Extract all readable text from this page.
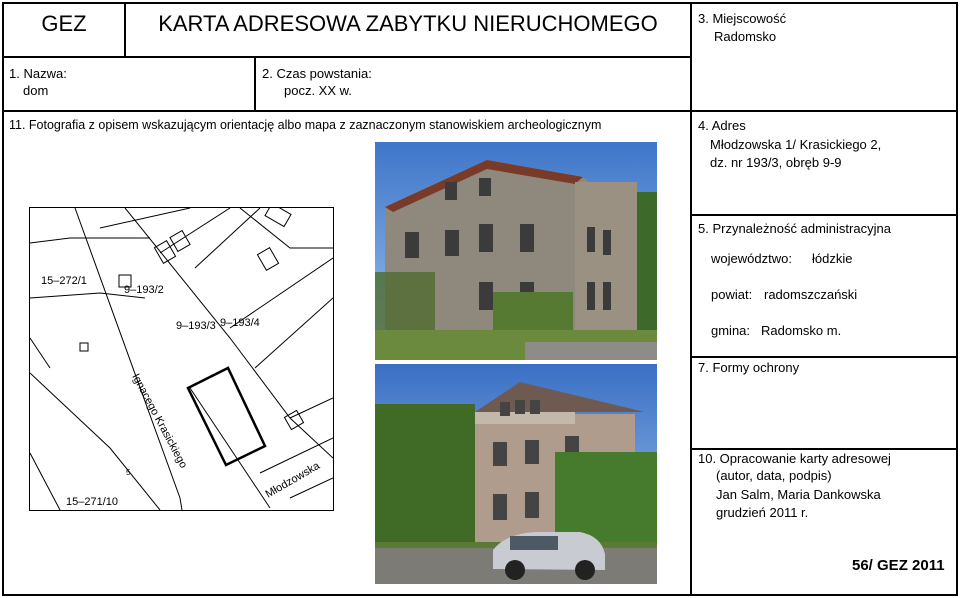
GEZ	KARTA ADRESOWA ZABYTKU NIERUCHOMEGO	3. Miejscowość
Radomsko
1. Nazwa:
dom
2. Czas powstania:
pocz. XX w.
11. Fotografia z opisem wskazującym orientację albo mapa z zaznaczonym stanowiskiem archeologicznym	4. Adres
Młodzowska 1/ Krasickiego 2,
dz. nr 193/3, obręb 9-9
5. Przynależność administracyjna
województwo: łódzkie
powiat: radomszczański
gmina: Radomsko m.
7. Formy ochrony
10. Opracowanie karty adresowej
(autor, data, podpis)
Jan Salm, Maria Dankowska
grudzień 2011 r.
56/ GEZ 2011
15–272/1
9–193/2
9–193/3 9–193/4
15–271/10
5
Ignacego Krasickiego
Młodzowska
